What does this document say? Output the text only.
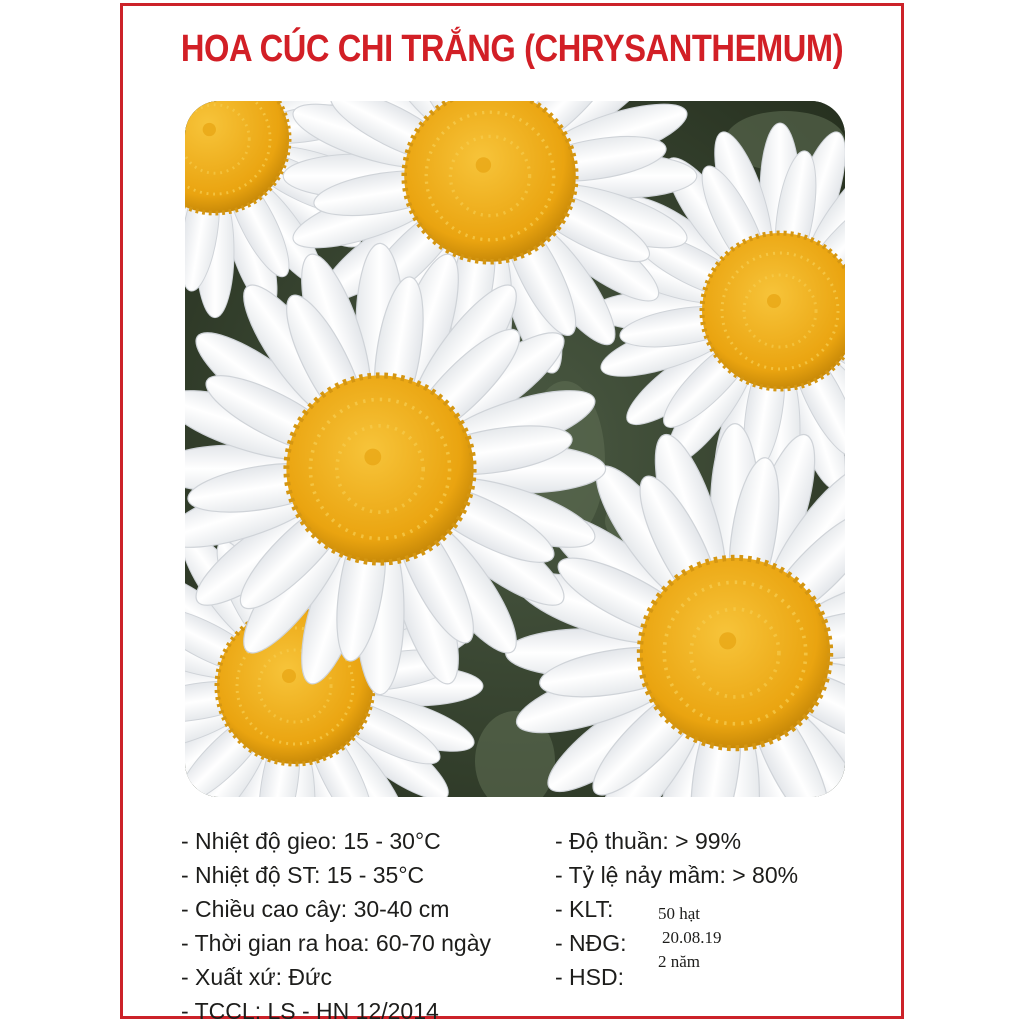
HOA CÚC CHI TRẮNG (CHRYSANTHEMUM)
- Nhiệt độ gieo: 15 - 30°C
- Nhiệt độ ST: 15 - 35°C
- Chiều cao cây: 30-40 cm
- Thời gian ra hoa: 60-70 ngày
- Xuất xứ: Đức
- TCCL: LS - HN 12/2014
- Độ thuần: > 99%
- Tỷ lệ nảy mầm: > 80%
- KLT:
- NĐG:
- HSD:
50 hạt
20.08.19
2 năm
